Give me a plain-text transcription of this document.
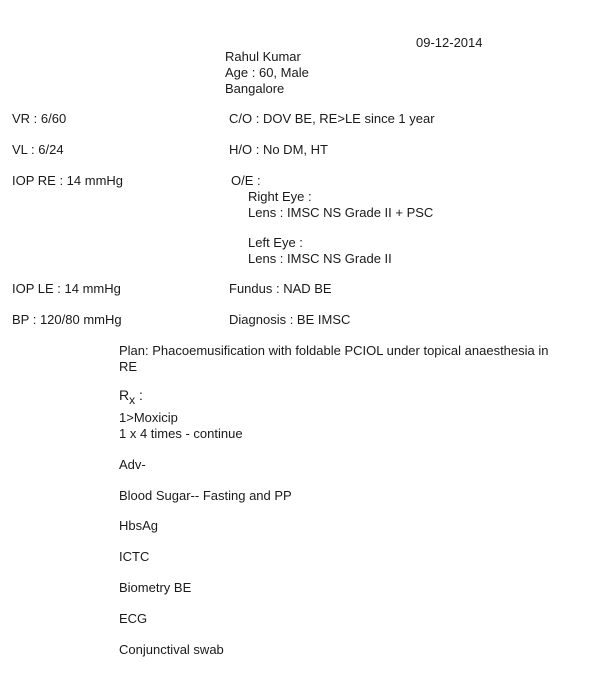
09-12-2014
Rahul Kumar
Age : 60, Male
Bangalore
VR : 6/60	C/O : DOV BE, RE>LE since 1 year
VL : 6/24	H/O : No DM, HT
IOP RE : 14 mmHg	O/E :
Right Eye :
Lens : IMSC NS Grade II + PSC
Left Eye :
Lens : IMSC NS Grade II
IOP LE : 14 mmHg	Fundus : NAD BE
BP : 120/80 mmHg	Diagnosis : BE IMSC
Plan: Phacoemusification with foldable PCIOL under topical anaesthesia in
RE
$R_x$ :
1>Moxicip
1 x 4 times - continue
Adv-
Blood Sugar-- Fasting and PP
HbsAg
ICTC
Biometry BE
ECG
Conjunctival swab
